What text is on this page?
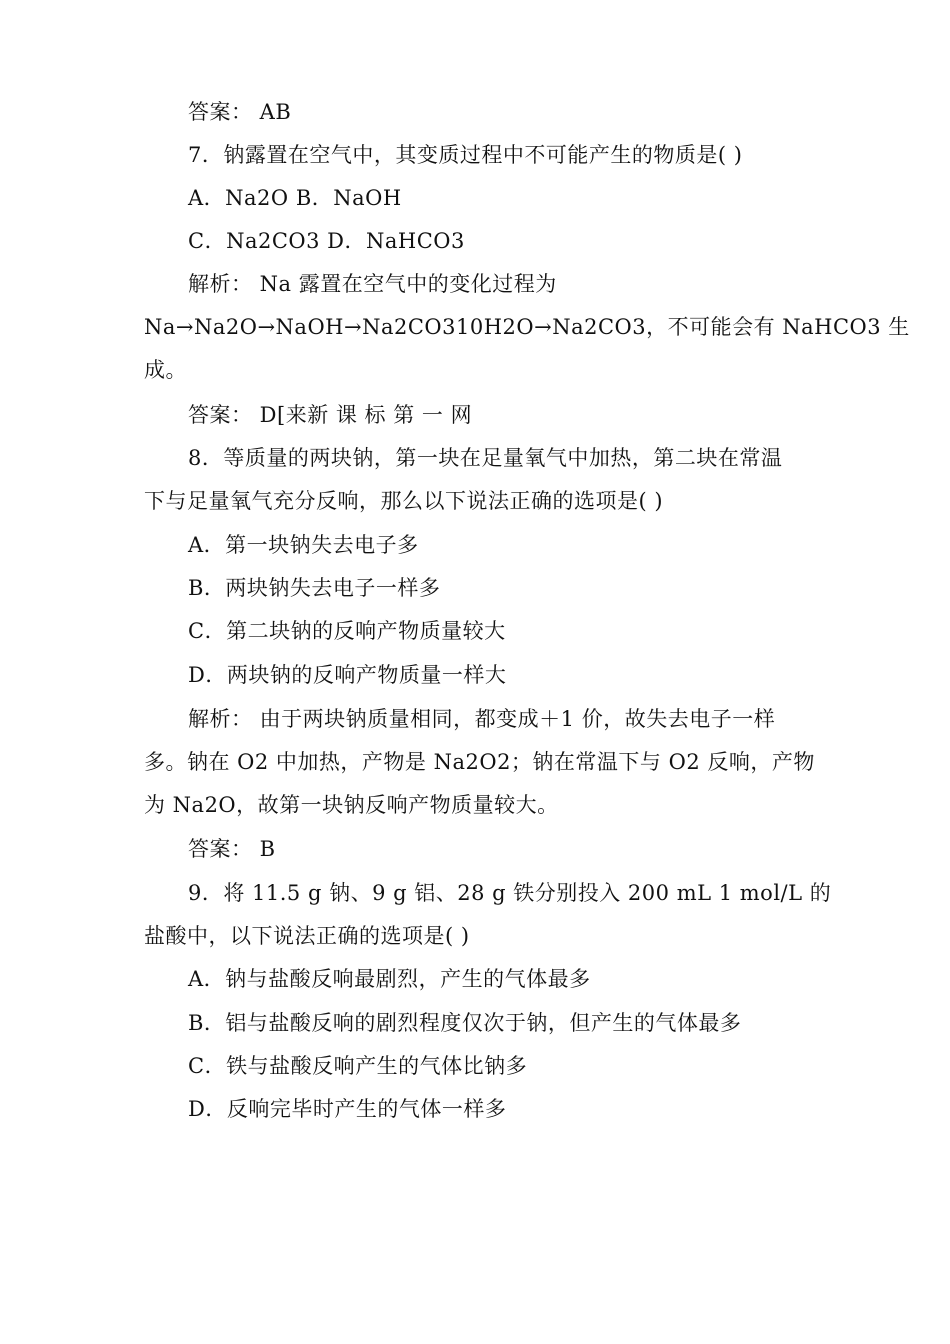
答案： AB
7．钠露置在空气中，其变质过程中不可能产生的物质是( )
A．Na2O B．NaOH
C．Na2CO3 D．NaHCO3
解析： Na 露置在空气中的变化过程为
Na→Na2O→NaOH→Na2CO310H2O→Na2CO3，不可能会有 NaHCO3 生
成。
答案： D[来新 课 标 第 一 网
8．等质量的两块钠，第一块在足量氧气中加热，第二块在常温
下与足量氧气充分反响，那么以下说法正确的选项是( )
A．第一块钠失去电子多
B．两块钠失去电子一样多
C．第二块钠的反响产物质量较大
D．两块钠的反响产物质量一样大
解析： 由于两块钠质量相同，都变成＋1 价，故失去电子一样
多。钠在 O2 中加热，产物是 Na2O2；钠在常温下与 O2 反响，产物
为 Na2O，故第一块钠反响产物质量较大。
答案： B
9．将 11.5 g 钠、9 g 铝、28 g 铁分别投入 200 mL 1 mol/L 的
盐酸中，以下说法正确的选项是( )
A．钠与盐酸反响最剧烈，产生的气体最多
B．铝与盐酸反响的剧烈程度仅次于钠，但产生的气体最多
C．铁与盐酸反响产生的气体比钠多
D．反响完毕时产生的气体一样多
